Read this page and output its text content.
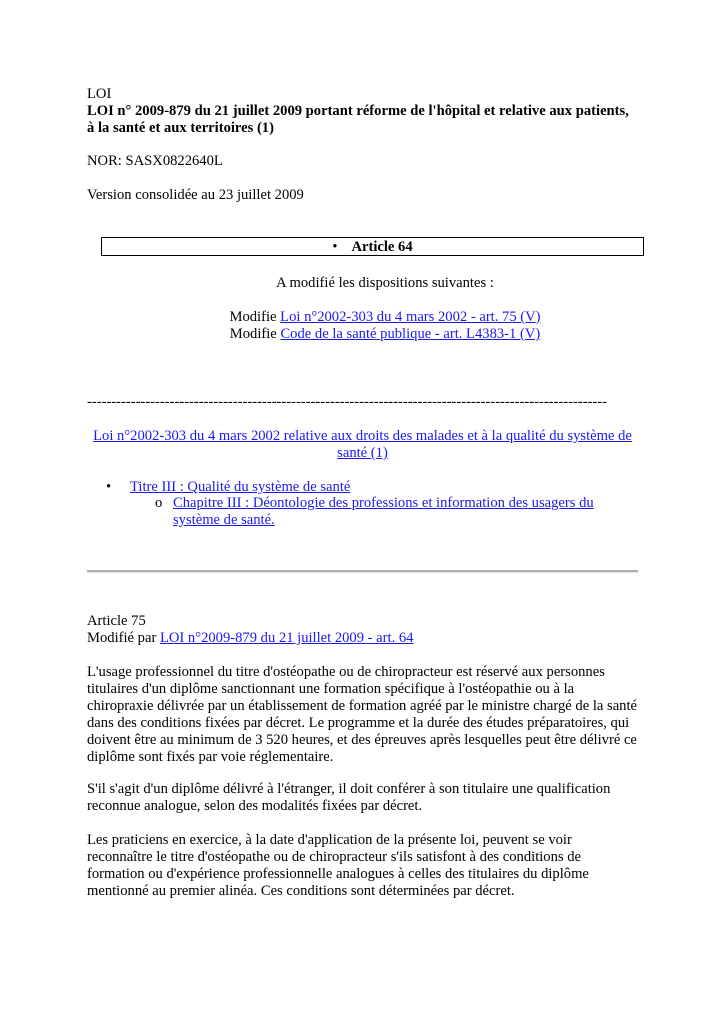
LOI
LOI n° 2009-879 du 21 juillet 2009 portant réforme de l'hôpital et relative aux patients,
à la santé et aux territoires (1)
NOR: SASX0822640L
Version consolidée au 23 juillet 2009
• Article 64
A modifié les dispositions suivantes :
Modifie Loi n°2002-303 du 4 mars 2002 - art. 75 (V)
Modifie Code de la santé publique - art. L4383-1 (V)
-----------------------------------------------------------------------------------------------------------
Loi n°2002-303 du 4 mars 2002 relative aux droits des malades et à la qualité du système de
santé (1)
• Titre III : Qualité du système de santé
o Chapitre III : Déontologie des professions et information des usagers du
système de santé.
Article 75
Modifié par LOI n°2009-879 du 21 juillet 2009 - art. 64
L'usage professionnel du titre d'ostéopathe ou de chiropracteur est réservé aux personnes
titulaires d'un diplôme sanctionnant une formation spécifique à l'ostéopathie ou à la
chiropraxie délivrée par un établissement de formation agréé par le ministre chargé de la santé
dans des conditions fixées par décret. Le programme et la durée des études préparatoires, qui
doivent être au minimum de 3 520 heures, et des épreuves après lesquelles peut être délivré ce
diplôme sont fixés par voie réglementaire.
S'il s'agit d'un diplôme délivré à l'étranger, il doit conférer à son titulaire une qualification
reconnue analogue, selon des modalités fixées par décret.
Les praticiens en exercice, à la date d'application de la présente loi, peuvent se voir
reconnaître le titre d'ostéopathe ou de chiropracteur s'ils satisfont à des conditions de
formation ou d'expérience professionnelle analogues à celles des titulaires du diplôme
mentionné au premier alinéa. Ces conditions sont déterminées par décret.
